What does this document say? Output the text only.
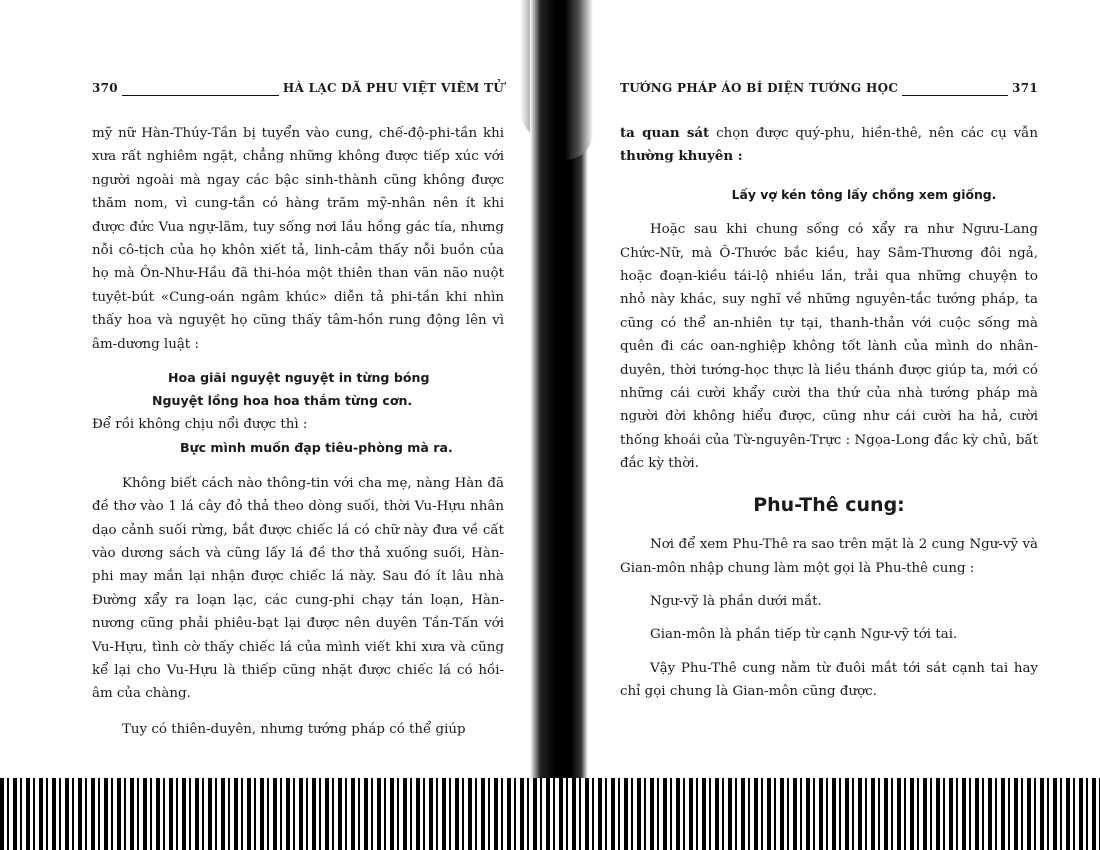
370	HÀ LẠC DÃ PHU VIỆT VIÊM TỬ

mỹ nữ Hàn-Thúy-Tần bị tuyển vào cung, chế-độ-phi-tần khi xưa rất nghiêm ngặt, chẳng những không được tiếp xúc với người ngoài mà ngay các bậc sinh-thành cũng không được thăm nom, vì cung-tần có hàng trăm mỹ-nhân nên ít khi được đức Vua ngự-lãm, tuy sống nơi lầu hồng gác tía, nhưng nỗi cô-tịch của họ khôn xiết tả, linh-cảm thấy nỗi buồn của họ mà Ôn-Như-Hầu đã thi-hóa một thiên than vãn não nuột tuyệt-bút «Cung-oán ngâm khúc» diễn tả phi-tần khi nhìn thấy hoa và nguyệt họ cũng thấy tâm-hồn rung động lên vì âm-dương luật :

Hoa giãi nguyệt nguyệt in từng bóng

Nguyệt lồng hoa hoa thắm từng cơn.

Để rồi không chịu nổi được thì :

Bực mình muốn đạp tiêu-phòng mà ra.

Không biết cách nào thông-tin với cha mẹ, nàng Hàn đã đề thơ vào 1 lá cây đỏ thả theo dòng suối, thời Vu-Hựu nhân dạo cảnh suối rừng, bắt được chiếc lá có chữ này đưa về cất vào dương sách và cũng lấy lá đề thơ thả xuống suối, Hàn-phi may mắn lại nhận được chiếc lá này. Sau đó ít lâu nhà Đường xẩy ra loạn lạc, các cung-phi chạy tán loạn, Hàn-nương cũng phải phiêu-bạt lại được nên duyên Tần-Tấn với Vu-Hựu, tình cờ thấy chiếc lá của mình viết khi xưa và cũng kể lại cho Vu-Hựu là thiếp cũng nhặt được chiếc lá có hồi-âm của chàng.

Tuy có thiên-duyên, nhưng tướng pháp có thể giúp

TƯỚNG PHÁP ÁO BÍ DIỆN TƯỚNG HỌC	371

ta quan sát chọn được quý-phu, hiền-thê, nên các cụ vẫn thường khuyên :

Lấy vợ kén tông lấy chồng xem giống.

Hoặc sau khi chung sống có xẩy ra như Ngưu-Lang Chức-Nữ, mà Ô-Thước bắc kiều, hay Sâm-Thương đôi ngả, hoặc đoạn-kiều tái-lộ nhiều lần, trải qua những chuyện to nhỏ này khác, suy nghĩ về những nguyên-tắc tướng pháp, ta cũng có thể an-nhiên tự tại, thanh-thản với cuộc sống mà quên đi các oan-nghiệp không tốt lành của mình do nhân-duyên, thời tướng-học thực là liều thánh được giúp ta, mới có những cái cười khẩy cười tha thứ của nhà tướng pháp mà người đời không hiểu được, cũng như cái cười ha hả, cười thống khoái của Từ-nguyên-Trực : Ngọa-Long đắc kỳ chủ, bất đắc kỳ thời.

Phu-Thê cung:

Nơi để xem Phu-Thê ra sao trên mặt là 2 cung Ngư-vỹ và Gian-môn nhập chung làm một gọi là Phu-thê cung :

Ngư-vỹ là phần dưới mắt.

Gian-môn là phần tiếp từ cạnh Ngư-vỹ tới tai.

Vậy Phu-Thê cung nằm từ đuôi mắt tới sát cạnh tai hay chỉ gọi chung là Gian-môn cũng được.
